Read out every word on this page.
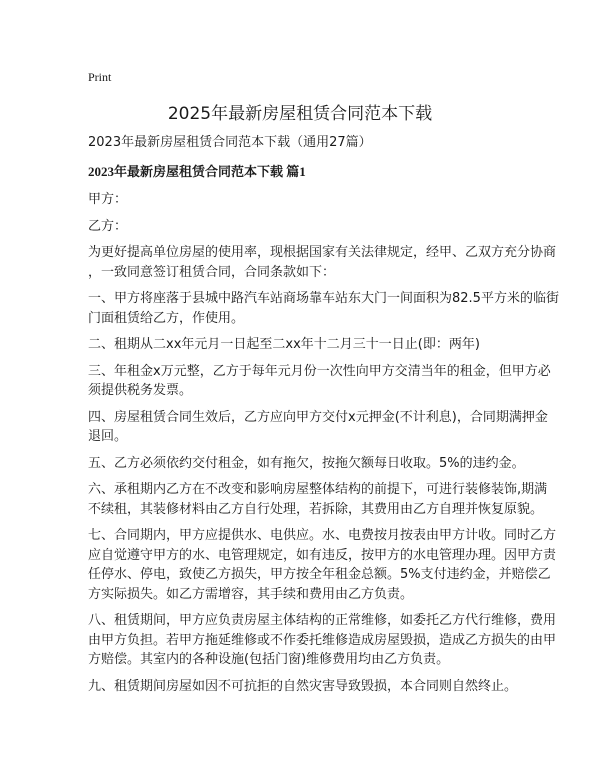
Print
2025年最新房屋租赁合同范本下载
2023年最新房屋租赁合同范本下载（通用27篇）
2023年最新房屋租赁合同范本下载 篇1
甲方：
乙方：
为更好提高单位房屋的使用率，现根据国家有关法律规定，经甲、乙双方充分协商
，一致同意签订租赁合同，合同条款如下：
一、甲方将座落于县城中路汽车站商场靠车站东大门一间面积为82.5平方米的临街
门面租赁给乙方，作使用。
二、租期从二xx年元月一日起至二xx年十二月三十一日止(即：两年)
三、年租金x万元整，乙方于每年元月份一次性向甲方交清当年的租金，但甲方必
须提供税务发票。
四、房屋租赁合同生效后，乙方应向甲方交付x元押金(不计利息)，合同期满押金
退回。
五、乙方必须依约交付租金，如有拖欠，按拖欠额每日收取。5%的违约金。
六、承租期内乙方在不改变和影响房屋整体结构的前提下，可进行装修装饰,期满
不续租，其装修材料由乙方自行处理，若拆除，其费用由乙方自理并恢复原貌。
七、合同期内，甲方应提供水、电供应。水、电费按月按表由甲方计收。同时乙方
应自觉遵守甲方的水、电管理规定，如有违反，按甲方的水电管理办理。因甲方责
任停水、停电，致使乙方损失，甲方按全年租金总额。5%支付违约金，并赔偿乙
方实际损失。如乙方需增容，其手续和费用由乙方负责。
八、租赁期间，甲方应负责房屋主体结构的正常维修，如委托乙方代行维修，费用
由甲方负担。若甲方拖延维修或不作委托维修造成房屋毁损，造成乙方损失的由甲
方赔偿。其室内的各种设施(包括门窗)维修费用均由乙方负责。
九、租赁期间房屋如因不可抗拒的自然灾害导致毁损，本合同则自然终止。
